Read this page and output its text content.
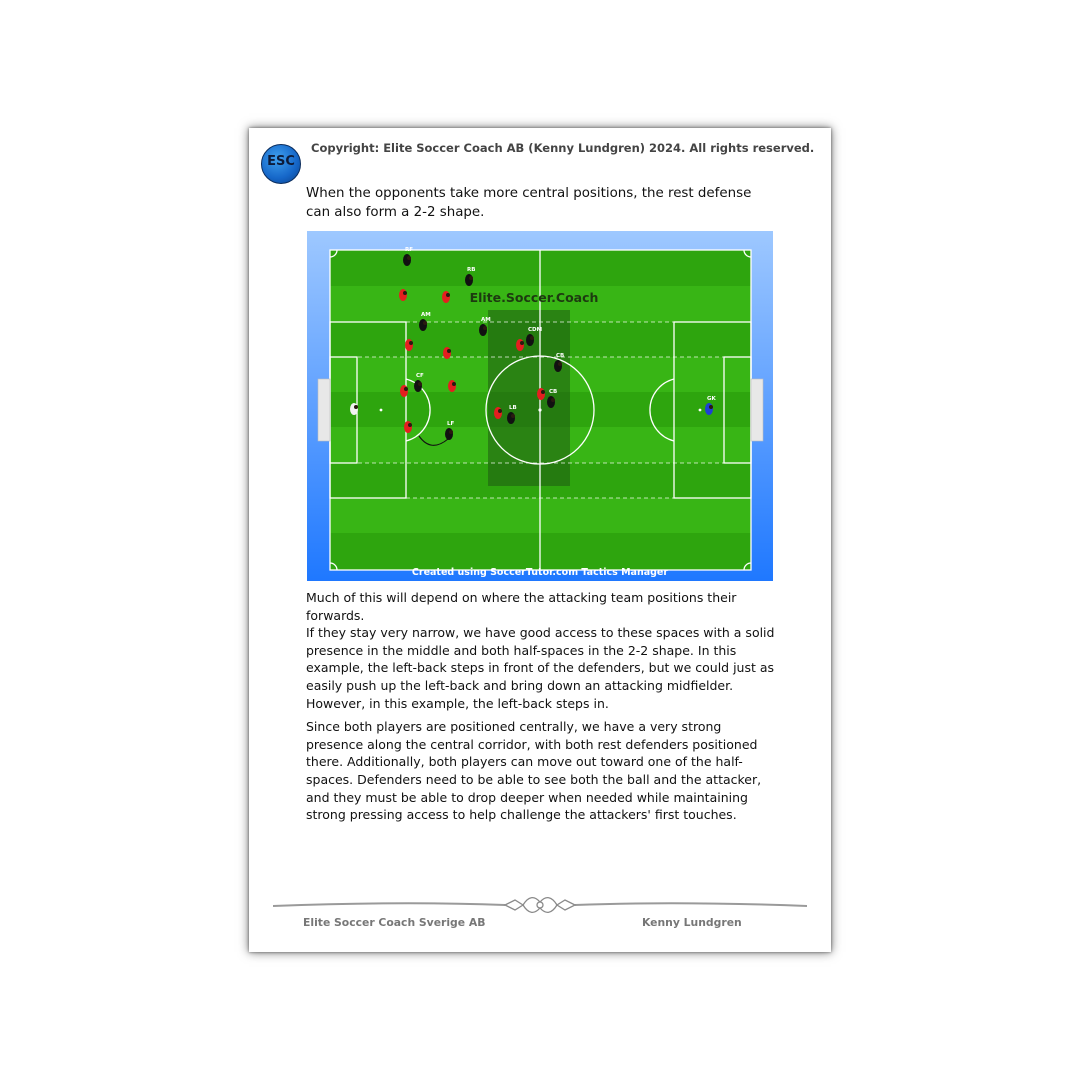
ESC
Copyright: Elite Soccer Coach AB (Kenny Lundgren) 2024. All rights reserved.
When the opponents take more central positions, the rest defense can also form a 2-2 shape.
RF
RB
AM
AM
CDM
CB
CF
CB
LB
LF
GK
Elite.Soccer.Coach
Created using SoccerTutor.com Tactics Manager

Much of this will depend on where the attacking team positions their forwards.

If they stay very narrow, we have good access to these spaces with a solid presence in the middle and both half-spaces in the 2-2 shape. In this example, the left-back steps in front of the defenders, but we could just as easily push up the left-back and bring down an attacking midfielder.

However, in this example, the left-back steps in.

Since both players are positioned centrally, we have a very strong presence along the central corridor, with both rest defenders positioned there. Additionally, both players can move out toward one of the half-spaces. Defenders need to be able to see both the ball and the attacker, and they must be able to drop deeper when needed while maintaining strong pressing access to help challenge the attackers' first touches.

Elite Soccer Coach Sverige AB	Kenny Lundgren
